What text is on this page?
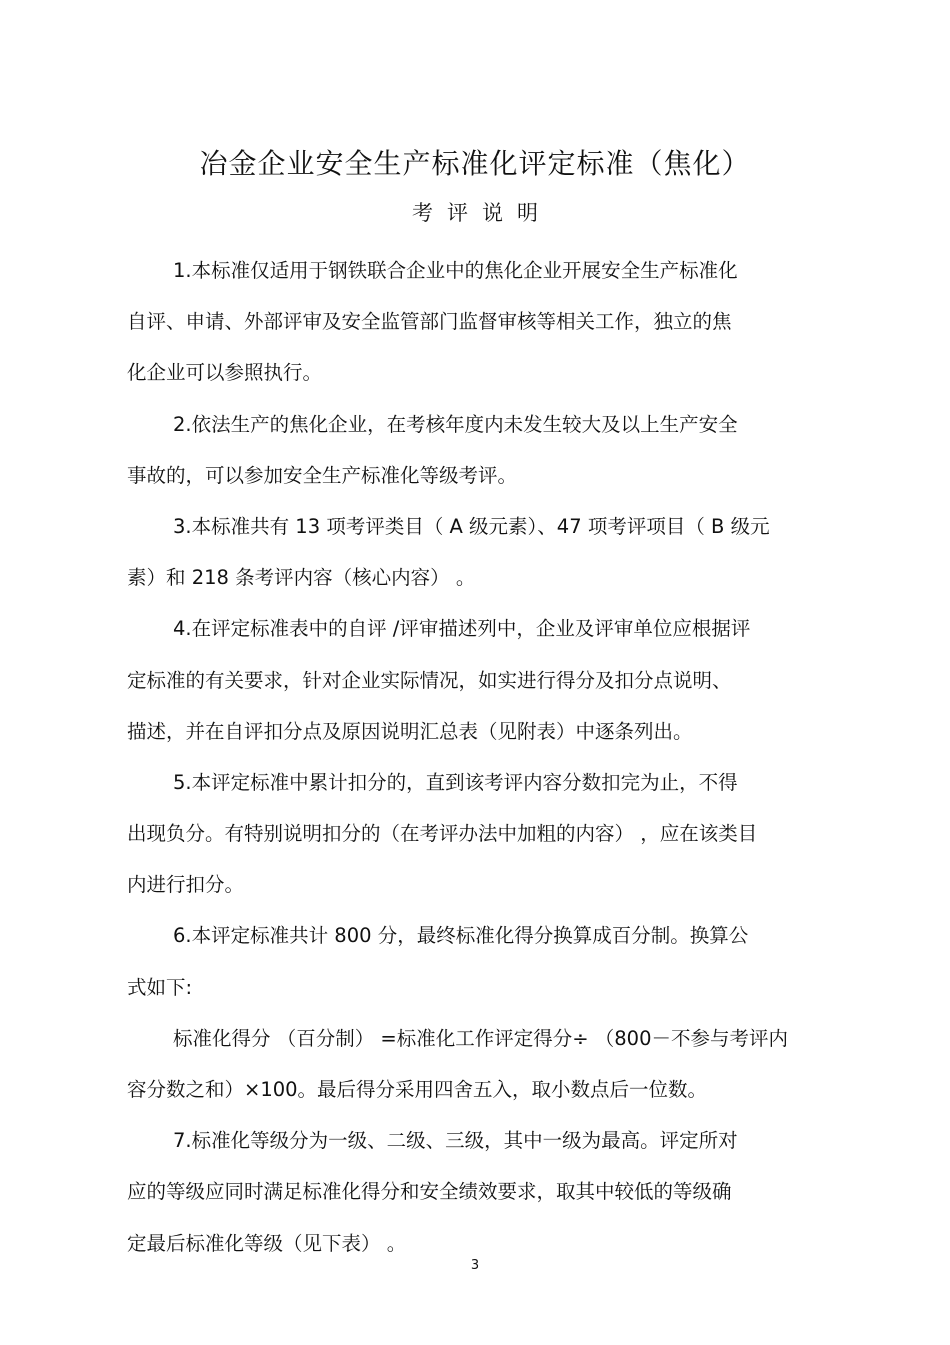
冶金企业安全生产标准化评定标准（焦化）
考评说明
1.本标准仅适用于钢铁联合企业中的焦化企业开展安全生产标准化
自评、申请、外部评审及安全监管部门监督审核等相关工作，独立的焦
化企业可以参照执行。
2.依法生产的焦化企业，在考核年度内未发生较大及以上生产安全
事故的，可以参加安全生产标准化等级考评。
3.本标准共有 13 项考评类目（ A 级元素）、47 项考评项目（ B 级元
素）和 218 条考评内容（核心内容） 。
4.在评定标准表中的自评 /评审描述列中，企业及评审单位应根据评
定标准的有关要求，针对企业实际情况，如实进行得分及扣分点说明、
描述，并在自评扣分点及原因说明汇总表（见附表）中逐条列出。
5.本评定标准中累计扣分的，直到该考评内容分数扣完为止，不得
出现负分。有特别说明扣分的（在考评办法中加粗的内容） ，应在该类目
内进行扣分。
6.本评定标准共计 800 分，最终标准化得分换算成百分制。换算公
式如下:
标准化得分 （百分制） =标准化工作评定得分÷ （800－不参与考评内
容分数之和）×100。最后得分采用四舍五入，取小数点后一位数。
7.标准化等级分为一级、二级、三级，其中一级为最高。评定所对
应的等级应同时满足标准化得分和安全绩效要求，取其中较低的等级确
定最后标准化等级（见下表） 。
3
